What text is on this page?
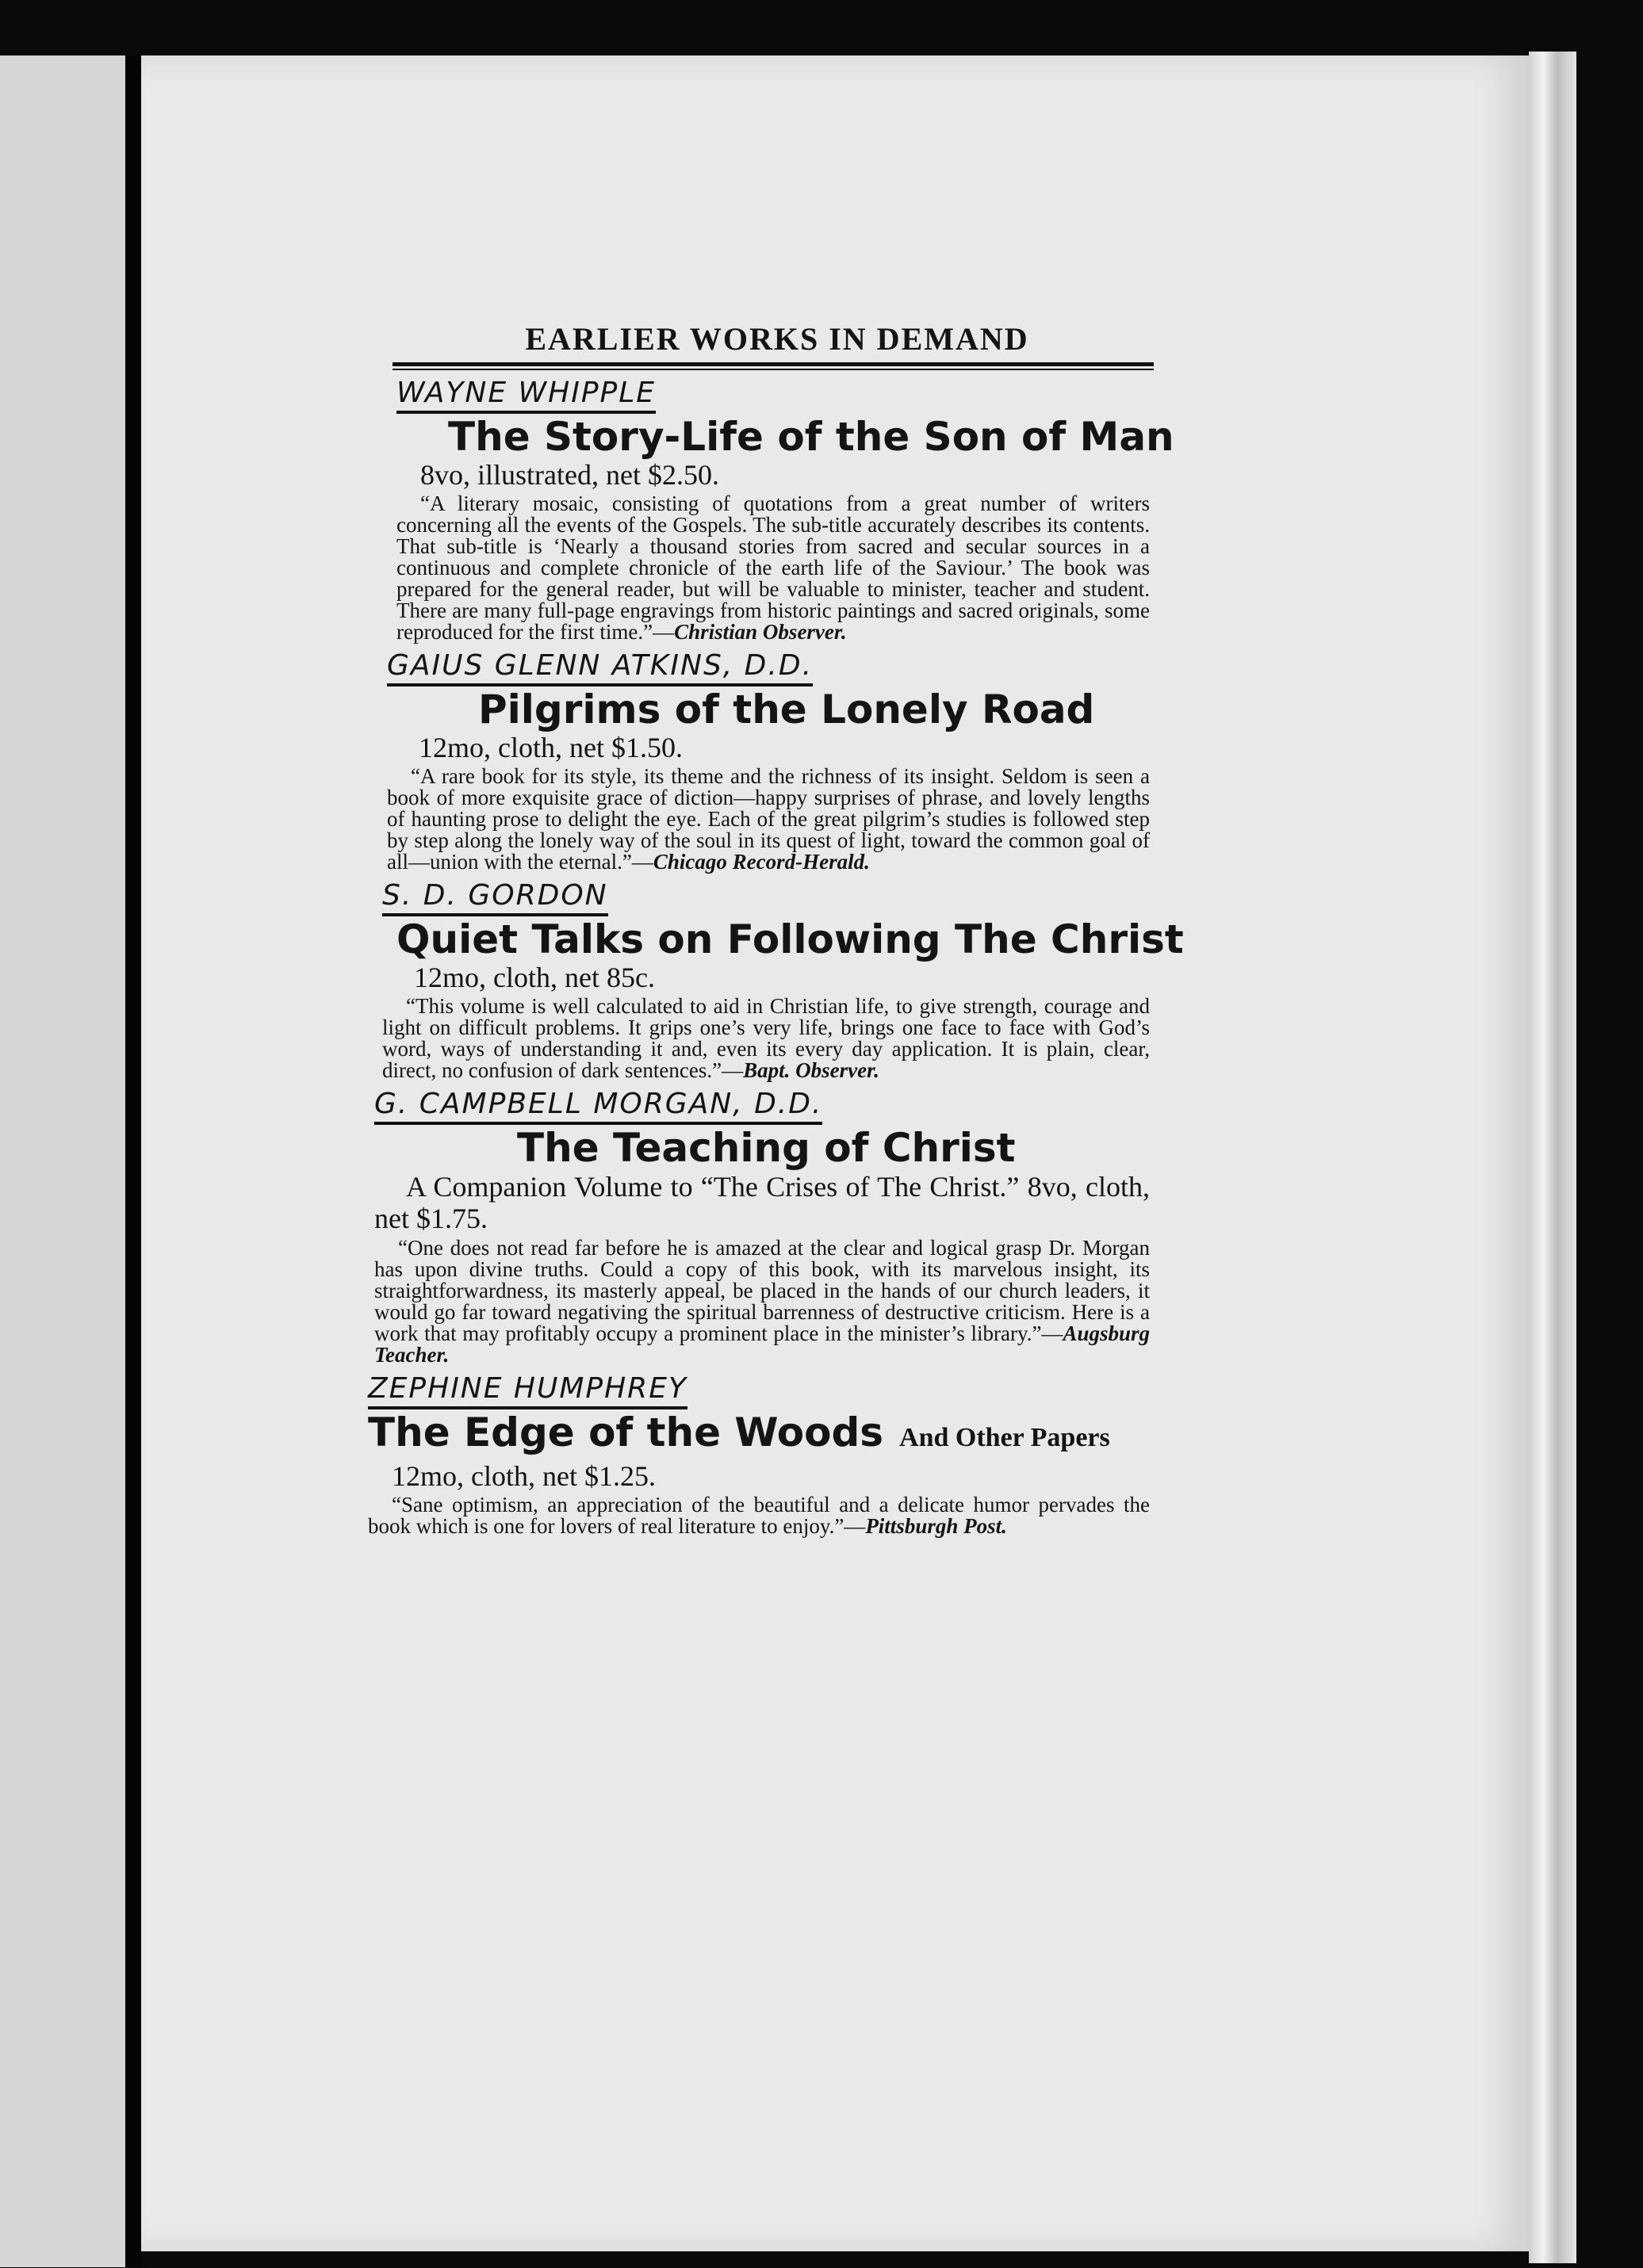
EARLIER WORKS IN DEMAND
WAYNE WHIPPLE
The Story-Life of the Son of Man
8vo, illustrated, net $2.50.
“A literary mosaic, consisting of quotations from a great number of writers concerning all the events of the Gospels. The sub-title accurately describes its contents. That sub-title is ‘Nearly a thousand stories from sacred and secular sources in a continuous and complete chronicle of the earth life of the Saviour.’ The book was prepared for the general reader, but will be valuable to minister, teacher and student. There are many full-page engravings from historic paintings and sacred originals, some reproduced for the first time.”—Christian Observer.
GAIUS GLENN ATKINS, D.D.
Pilgrims of the Lonely Road
12mo, cloth, net $1.50.
“A rare book for its style, its theme and the richness of its insight. Seldom is seen a book of more exquisite grace of diction—happy surprises of phrase, and lovely lengths of haunting prose to delight the eye. Each of the great pilgrim’s studies is followed step by step along the lonely way of the soul in its quest of light, toward the common goal of all—union with the eternal.”—Chicago Record-Herald.
S. D. GORDON
Quiet Talks on Following The Christ
12mo, cloth, net 85c.
“This volume is well calculated to aid in Christian life, to give strength, courage and light on difficult problems. It grips one’s very life, brings one face to face with God’s word, ways of understanding it and, even its every day application. It is plain, clear, direct, no confusion of dark sentences.”—Bapt. Observer.
G. CAMPBELL MORGAN, D.D.
The Teaching of Christ
A Companion Volume to “The Crises of The Christ.” 8vo, cloth, net $1.75.
“One does not read far before he is amazed at the clear and logical grasp Dr. Morgan has upon divine truths. Could a copy of this book, with its marvelous insight, its straightforwardness, its masterly appeal, be placed in the hands of our church leaders, it would go far toward negativing the spiritual barrenness of destructive criticism. Here is a work that may profitably occupy a prominent place in the minister’s library.”—Augsburg Teacher.
ZEPHINE HUMPHREY
The Edge of the Woods And Other Papers
12mo, cloth, net $1.25.
“Sane optimism, an appreciation of the beautiful and a delicate humor pervades the book which is one for lovers of real literature to enjoy.”—Pittsburgh Post.
